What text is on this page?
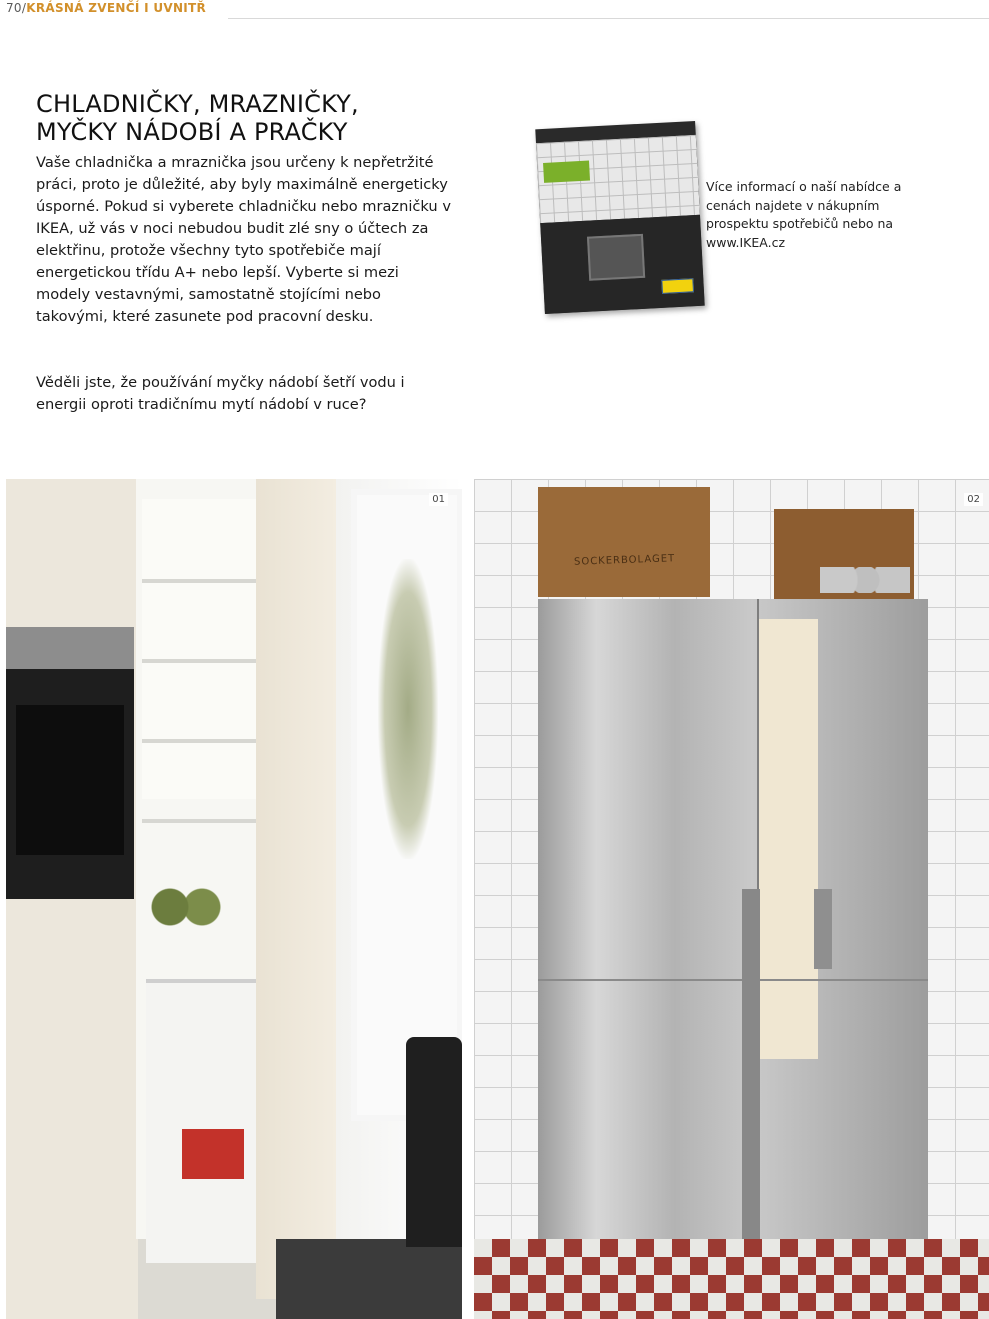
70/KRÁSNÁ ZVENČÍ I UVNITŘ
CHLADNIČKY, MRAZNIČKY,
MYČKY NÁDOBÍ A PRAČKY

Vaše chladnička a mraznička jsou určeny k nepřetržité práci, proto je důležité, aby byly maximálně energeticky úsporné. Pokud si vyberete chladničku nebo mrazničku v IKEA, už vás v noci nebudou budit zlé sny o účtech za elektřinu, protože všechny tyto spotřebiče mají energetickou třídu A+ nebo lepší. Vyberte si mezi modely vestavnými, samostatně stojícími nebo takovými, které zasunete pod pracovní desku.

Věděli jste, že používání myčky nádobí šetří vodu i energii oproti tradičnímu mytí nádobí v ruce?

Více informací o naší nabídce a cenách najdete v nákupním prospektu spotřebičů nebo na www.IKEA.cz

01
SOCKERBOLAGET
02
